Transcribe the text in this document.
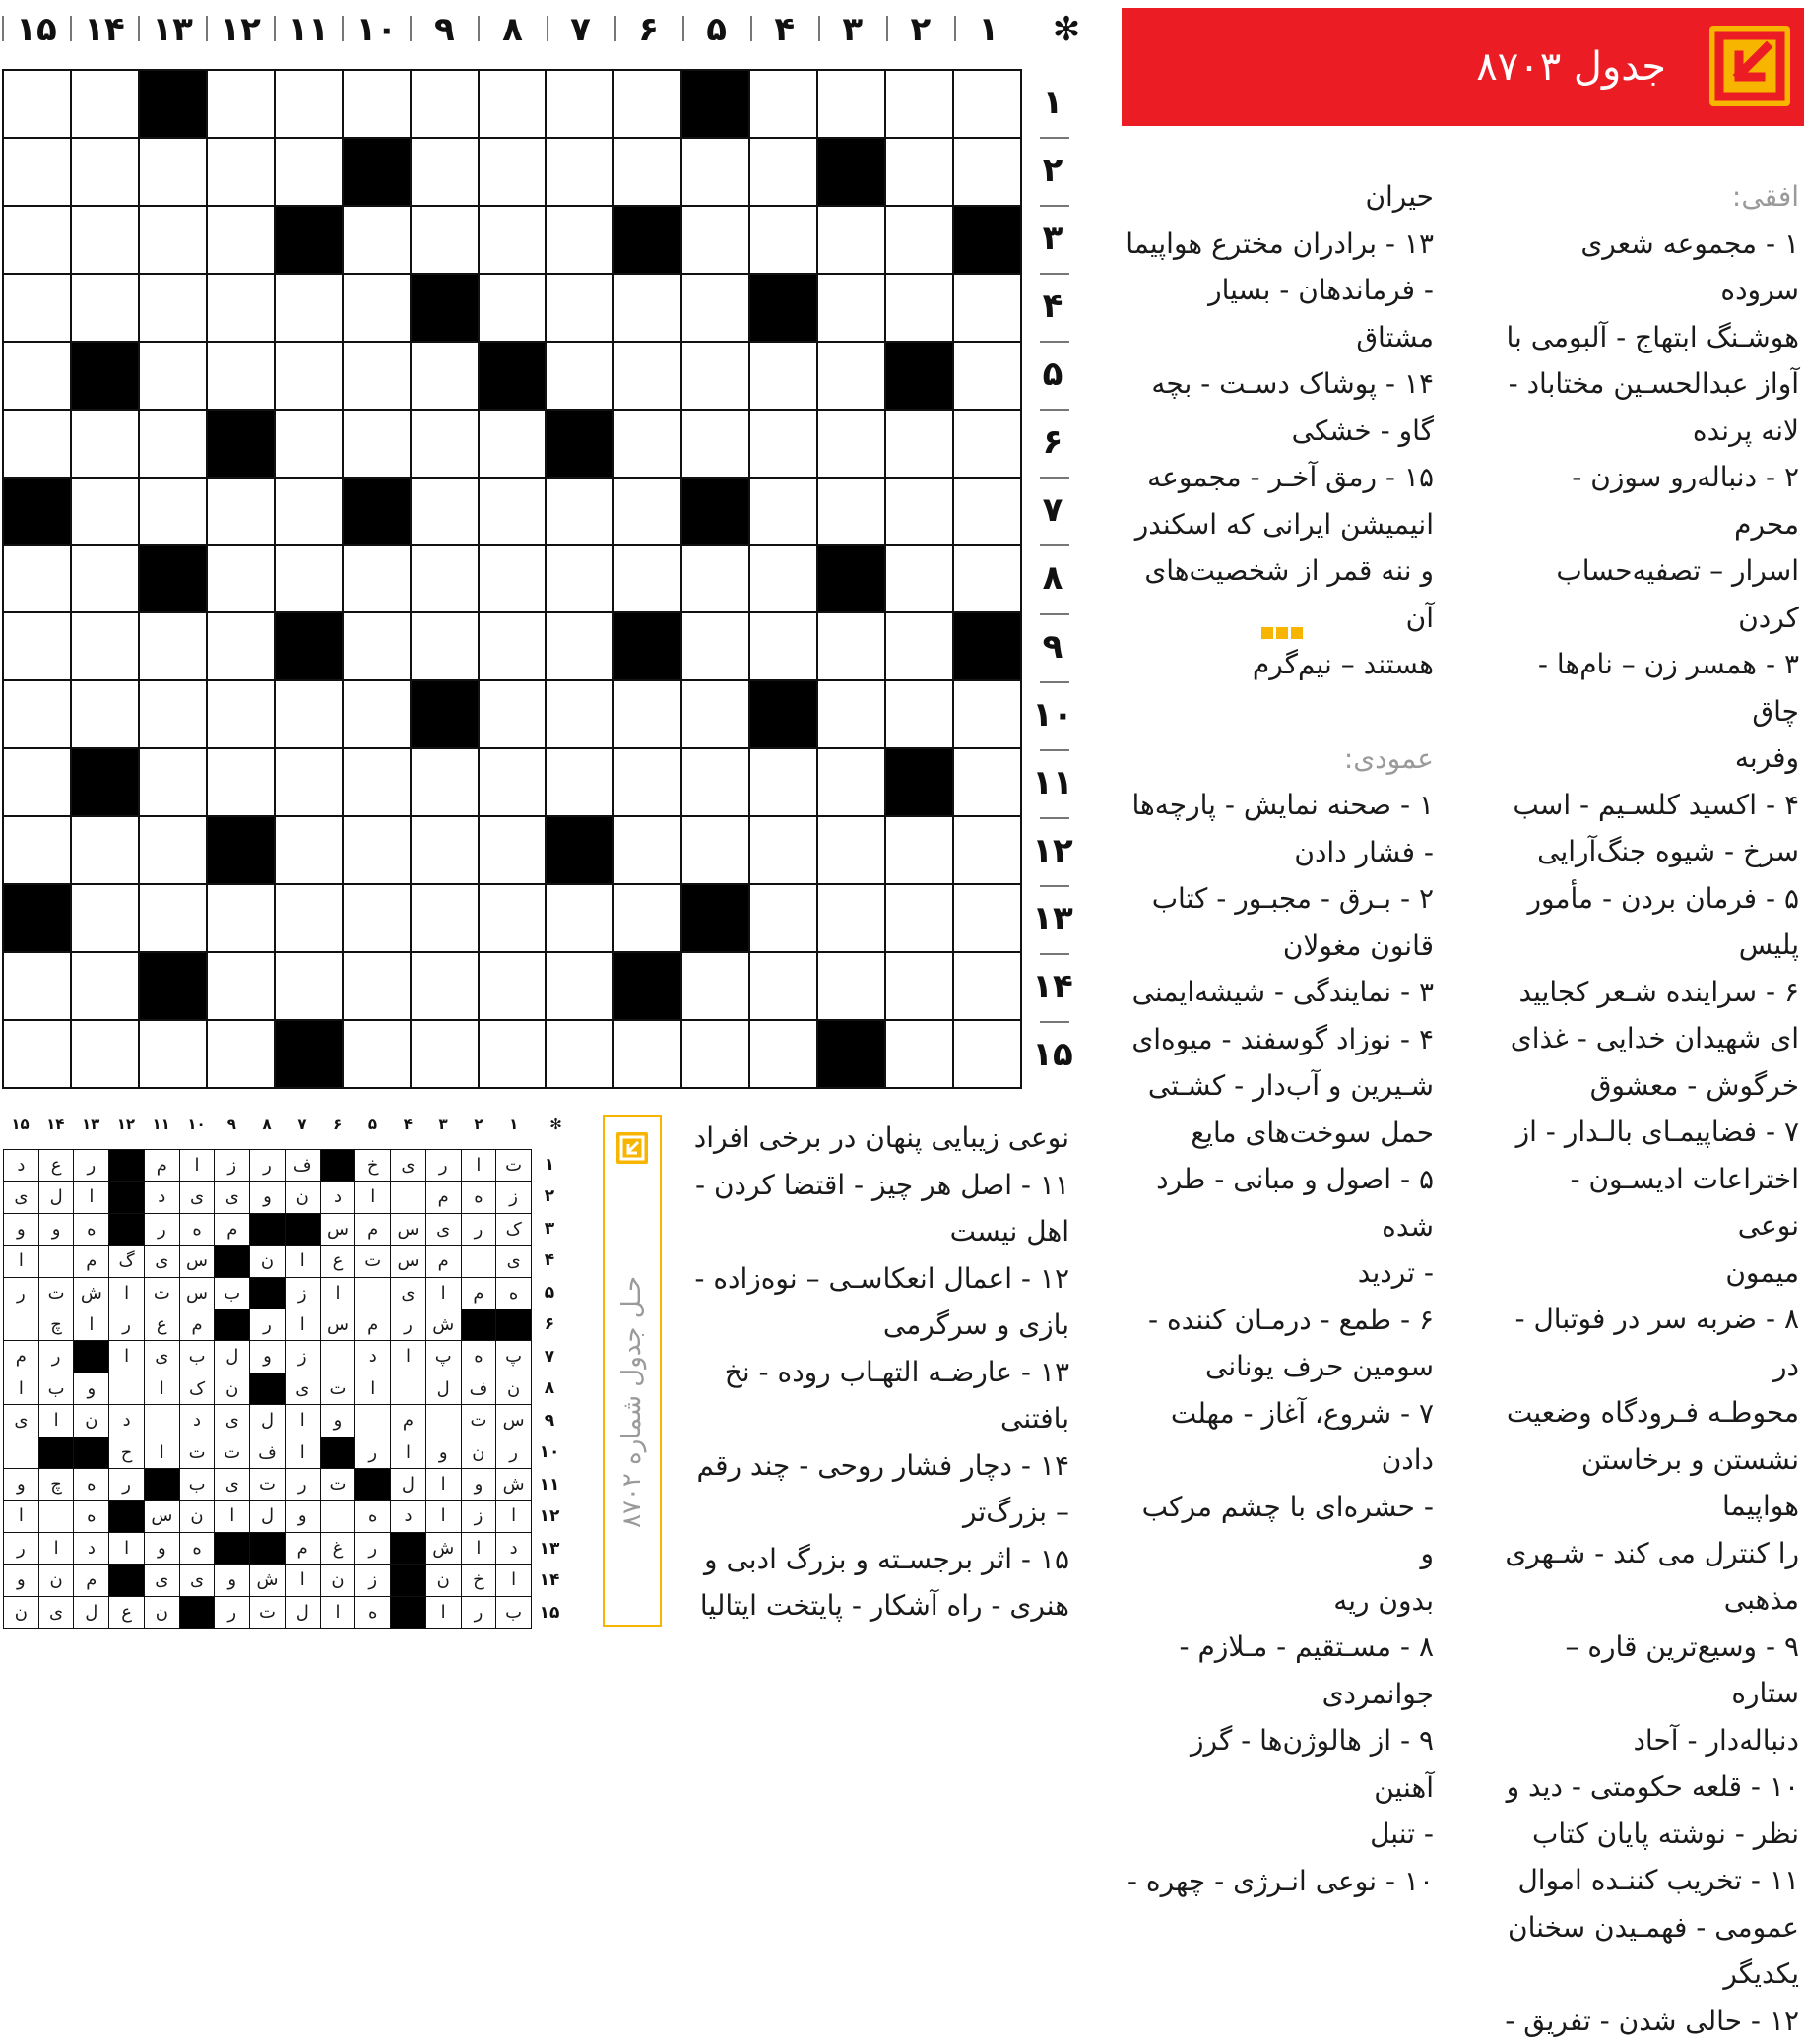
✻
۱
۲
۳
۴
۵
۶
۷
۸
۹
۱۰
۱۱
۱۲
۱۳
۱۴
۱۵
۱
۲
۳
۴
۵
۶
۷
۸
۹
۱۰
۱۱
۱۲
۱۳
۱۴
۱۵
جدول ۸۷۰۳

افقی:

۱ - مجموعه شعری سروده

هوشـنگ ابتهاج - آلبومی با

آواز عبدالحسـین مختاباد -

لانه پرنده

۲ - دنباله‌رو سوزن - محرم

اسرار – تصفیه‌حساب کردن

۳ - همسر زن – نام‌ها - چاق

وفربه

۴ - اکسید کلسـیم - اسب

سرخ - شیوه جنگ‌آرایی

۵ - فرمان بردن - مأمور پلیس

۶ - سراینده شـعر کجایید

ای شهیدان خدایی - غذای

خرگوش - معشوق

۷ - فضاپیمـای بالـدار - از

اختراعات ادیسـون - نوعی

میمون

۸ - ضربه سر در فوتبال - در

محوطـه فـرودگاه وضعیت

نشستن و برخاستن هواپیما

را کنترل می کند - شـهری

مذهبی

۹ - وسیع‌ترین قاره – ستاره

دنباله‌دار - آحاد

۱۰ - قلعه حکومتی - دید و

نظر - نوشته پایان کتاب

۱۱ - تخریب کننـده اموال

عمومی - فهمـیدن سخنان

یکدیگر

۱۲ - حالی شدن - تفریق -

حیران

۱۳ - برادران مخترع هواپیما

- فرماندهان - بسیار مشتاق

۱۴ - پوشاک دسـت - بچه

گاو - خشکی

۱۵ - رمق آخـر - مجموعه

انیمیشن ایرانی که اسکندر

و ننه قمر از شخصیت‌های آن

هستند – نیم‌گرم

عمودی:

۱ - صحنه نمایش - پارچه‌ها

- فشار دادن

۲ - بـرق - مجبـور - کتاب

قانون مغولان

۳ - نمایندگی - شیشه‌ایمنی

۴ - نوزاد گوسفند - میوه‌ای

شـیرین و آب‌دار - کشـتی

حمل سوخت‌های مایع

۵ - اصول و مبانی - طرد شده

- تردید

۶ - طمع - درمـان کننده -

سومین حرف یونانی

۷ - شروع، آغاز - مهلت دادن

- حشره‌ای با چشم مرکب و

بدون ریه

۸ - مسـتقیم - مـلازم -

جوانمردی

۹ - از هالوژن‌ها - گرز آهنین

- تنبل

۱۰ - نوعی انـرژی - چهره -

نوعی زیبایی پنهان در برخی افراد

۱۱ - اصل هر چیز - اقتضا کردن -

اهل نیست

۱۲ - اعمال انعکاسـی – نوه‌زاده -

بازی و سرگرمی

۱۳ - عارضـه التهـاب روده - نخ

بافتنی

۱۴ - دچار فشار روحی - چند رقم

– بزرگ‌تر

۱۵ - اثر برجسـته و بزرگ ادبی و

هنری - راه آشکار - پایتخت ایتالیا

۱
۲
۳
۴
۵
۶
۷
۸
۹
۱۰
۱۱
۱۲
۱۳
۱۴
۱۵	✻
ت
ا
ر
ی
خ
ف
ر
ز
ا
م
ر
ع
د
ز
ه
م
ا
د
ن
و
ی
ی
د
ا
ل
ی
ک
ر
ی
س
م
س
م
ه
ر
ه
و
و
ی
م
س
ت
ع
ا
ن
س
ی
گ
م
ا
ه
م
ا
ی
ا
ز
ب
س
ت
ا
ش
ت
ر
ش
ر
م
س
ا
ر
م
ع
ر
ا
چ
پ
ه
پ
ا
د
ز
و
ل
ب
ی
ا
ر
م
ن
ف
ل
ا
ت
ی
ن
ک
ا
و
ب
ا
س
ت
م
و
ا
ل
ی
د
د
ن
ا
ی
ر
ن
و
ا
ر
ا
ف
ت
ت
ا
ح
ش
و
ا
ل
ت
ر
ت
ی
ب
ر
ه
چ
و
ا
ز
ا
د
ه
و
ل
ا
ن
س
ه
ا
د
ا
ش
ر
غ
م
ه
و
ا
د
ا
ر
ا
خ
ن
ز
ن
ا
ش
و
ی
ی
م
ن
و
ب
ر
ا
ه
ا
ل
ت
ر
ن
ع
ل
ی
ن
۱
۲
۳
۴
۵
۶
۷
۸
۹
۱۰
۱۱
۱۲
۱۳
۱۴
۱۵
حـل جدول شماره ۸۷۰۲
